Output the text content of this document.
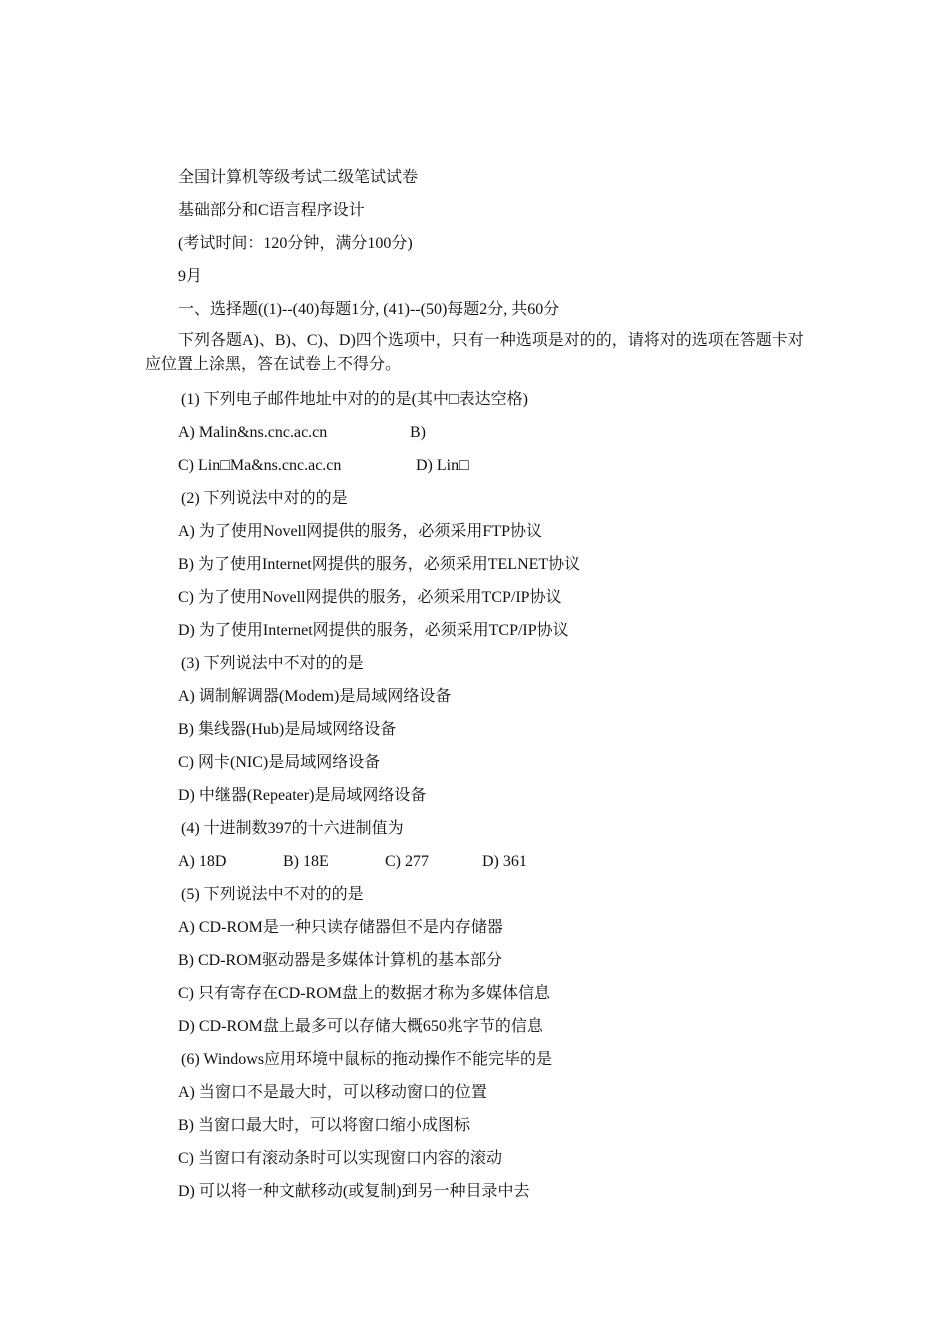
全国计算机等级考试二级笔试试卷
基础部分和C语言程序设计
(考试时间：120分钟，满分100分)
9月
一、选择题((1)--(40)每题1分, (41)--(50)每题2分, 共60分
下列各题A)、B)、C)、D)四个选项中，只有一种选项是对的的，请将对的选项在答题卡对应位置上涂黑，答在试卷上不得分。
(1) 下列电子邮件地址中对的的是(其中□表达空格)
A) Malin&ns.cnc.ac.cn	B)
C) Lin□Ma&ns.cnc.ac.cn	D) Lin□
(2) 下列说法中对的的是
A) 为了使用Novell网提供的服务，必须采用FTP协议
B) 为了使用Internet网提供的服务，必须采用TELNET协议
C) 为了使用Novell网提供的服务，必须采用TCP/IP协议
D) 为了使用Internet网提供的服务，必须采用TCP/IP协议
(3) 下列说法中不对的的是
A) 调制解调器(Modem)是局域网络设备
B) 集线器(Hub)是局域网络设备
C) 网卡(NIC)是局域网络设备
D) 中继器(Repeater)是局域网络设备
(4) 十进制数397的十六进制值为
A) 18D	B) 18E	C) 277	D) 361
(5) 下列说法中不对的的是
A) CD-ROM是一种只读存储器但不是内存储器
B) CD-ROM驱动器是多媒体计算机的基本部分
C) 只有寄存在CD-ROM盘上的数据才称为多媒体信息
D) CD-ROM盘上最多可以存储大概650兆字节的信息
(6) Windows应用环境中鼠标的拖动操作不能完毕的是
A) 当窗口不是最大时，可以移动窗口的位置
B) 当窗口最大时，可以将窗口缩小成图标
C) 当窗口有滚动条时可以实现窗口内容的滚动
D) 可以将一种文献移动(或复制)到另一种目录中去
